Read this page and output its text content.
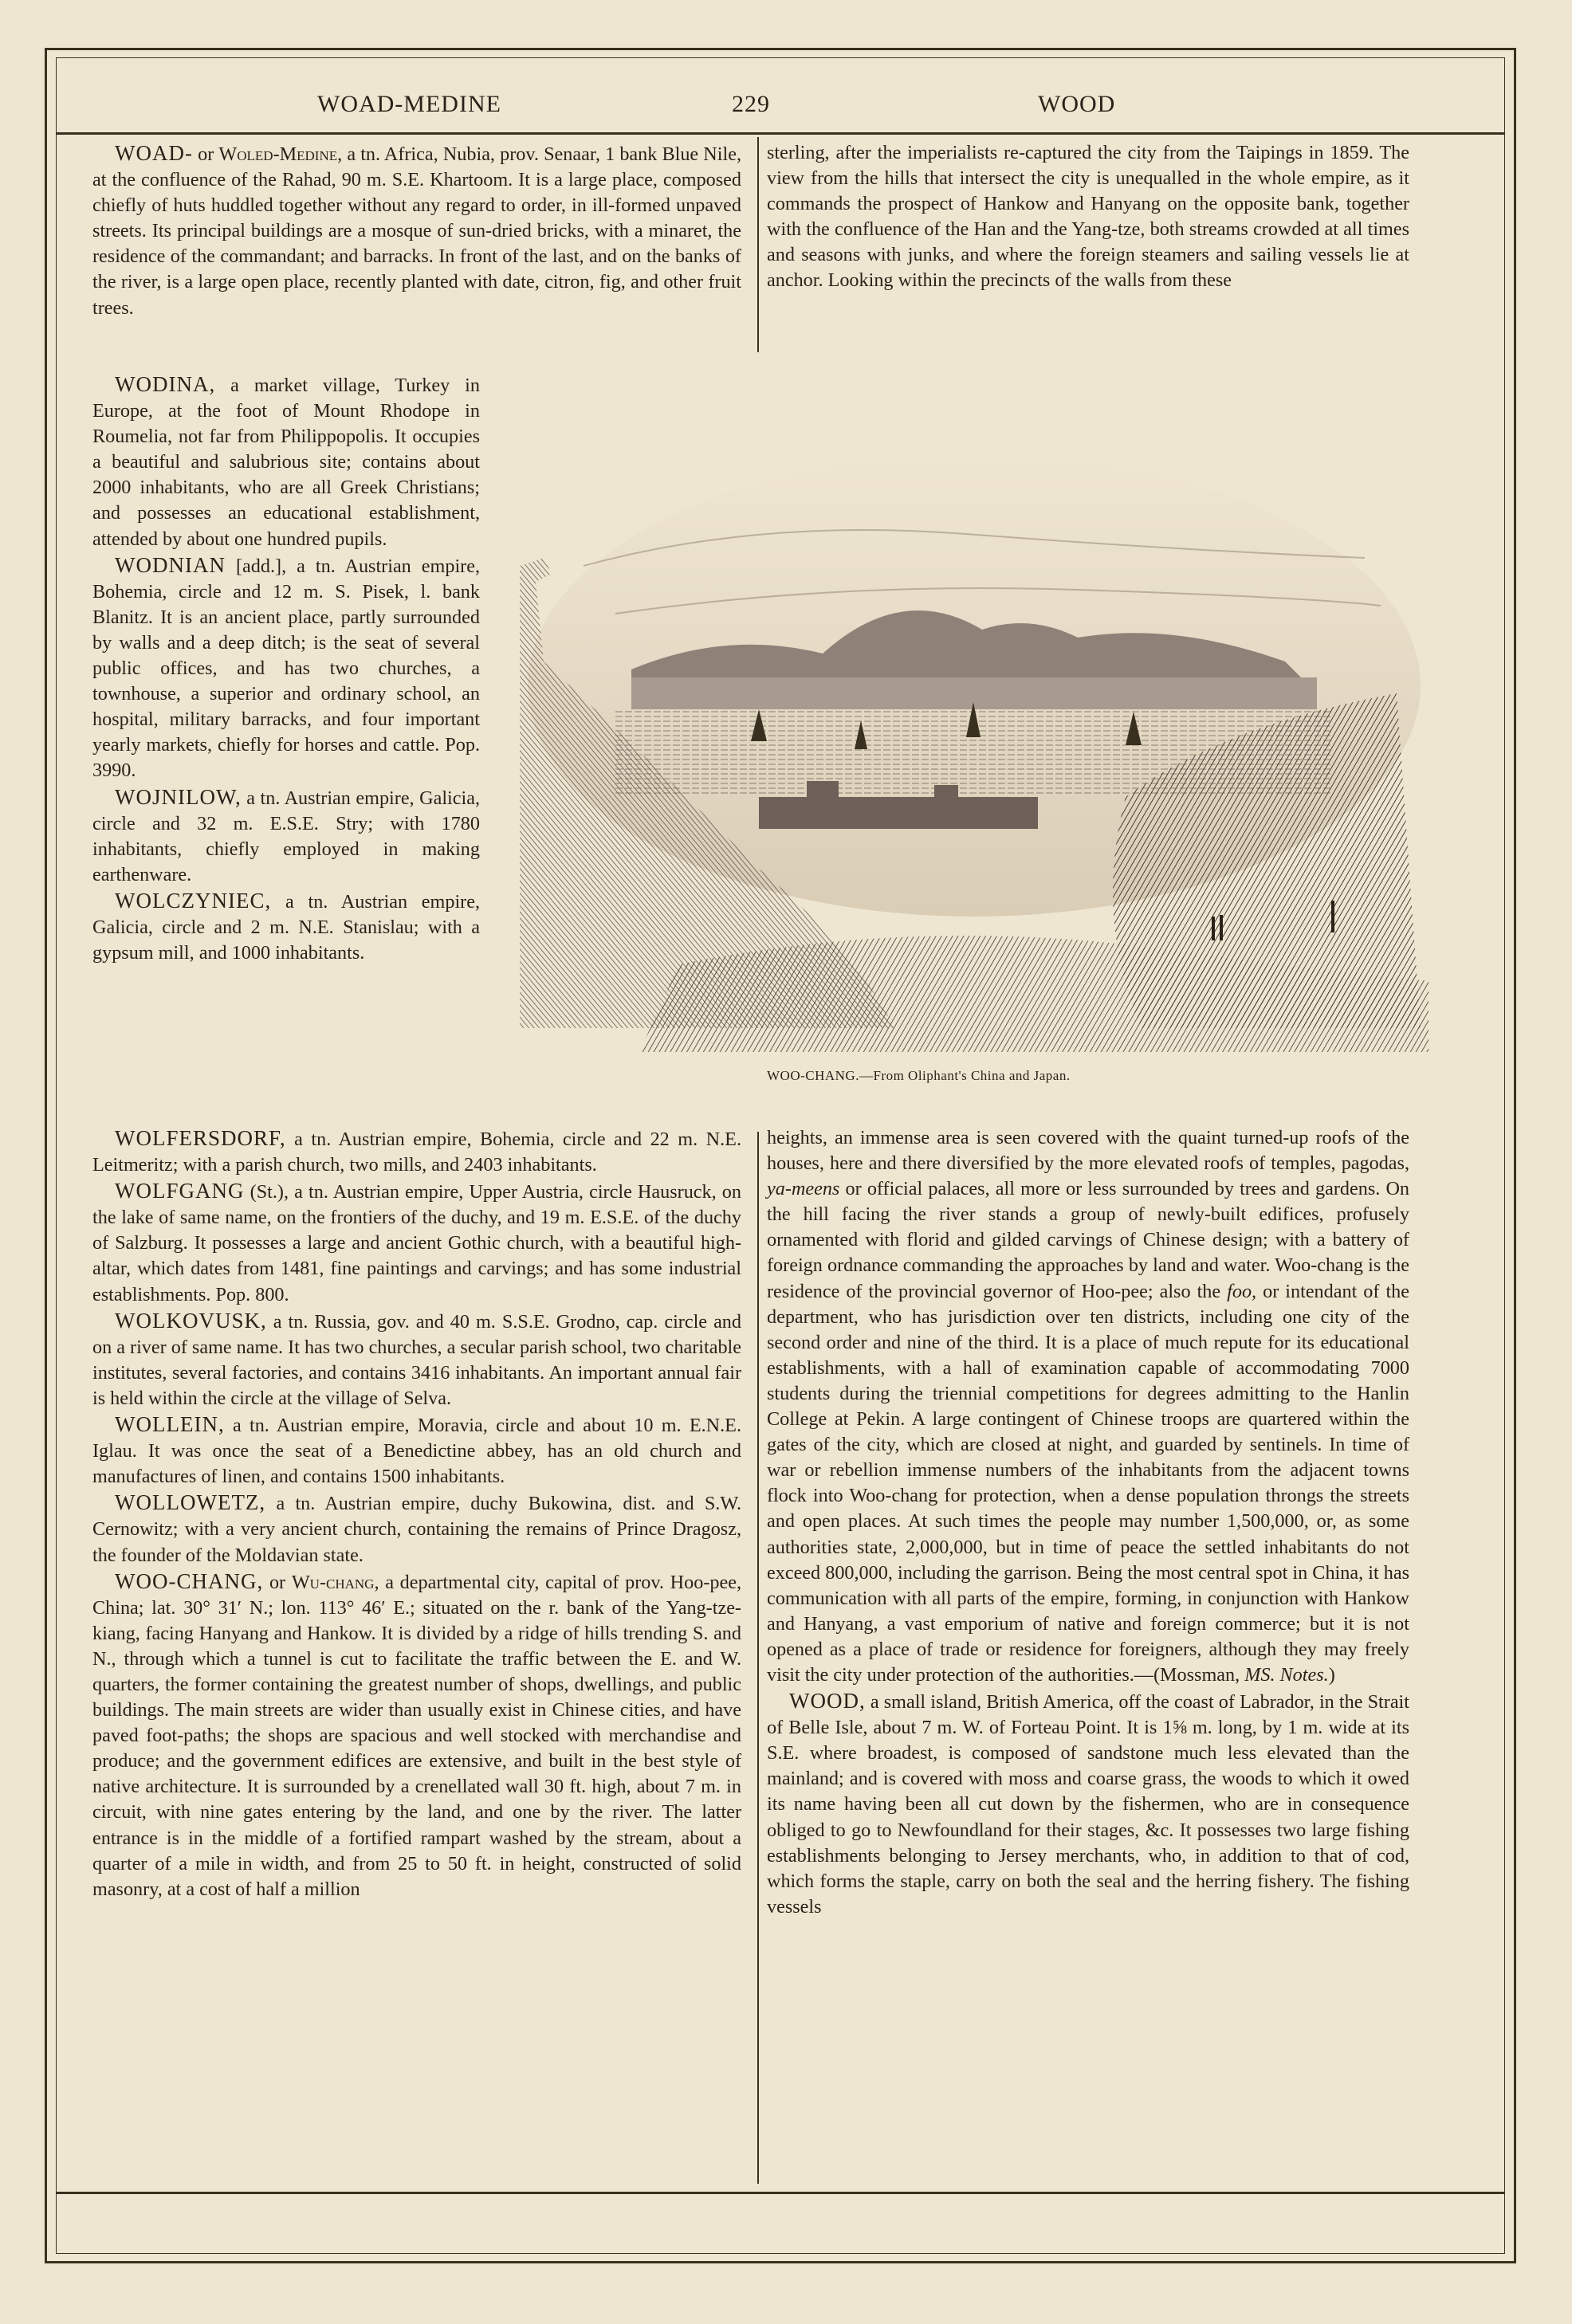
WOAD-MEDINE	229	WOOD

WOAD- or Woled-Medine, a tn. Africa, Nubia, prov. Senaar, 1 bank Blue Nile, at the confluence of the Rahad, 90 m. S.E. Khartoom. It is a large place, composed chiefly of huts huddled together without any regard to order, in ill-formed unpaved streets. Its principal buildings are a mosque of sun-dried bricks, with a minaret, the residence of the commandant; and barracks. In front of the last, and on the banks of the river, is a large open place, recently planted with date, citron, fig, and other fruit trees.

WODINA, a market village, Turkey in Europe, at the foot of Mount Rhodope in Roumelia, not far from Philippopolis. It occupies a beautiful and salubrious site; contains about 2000 inhabitants, who are all Greek Christians; and possesses an educational establishment, attended by about one hundred pupils.

WODNIAN [add.], a tn. Austrian empire, Bohemia, circle and 12 m. S. Pisek, l. bank Blanitz. It is an ancient place, partly surrounded by walls and a deep ditch; is the seat of several public offices, and has two churches, a townhouse, a superior and ordinary school, an hospital, military barracks, and four important yearly markets, chiefly for horses and cattle. Pop. 3990.

WOJNILOW, a tn. Austrian empire, Galicia, circle and 32 m. E.S.E. Stry; with 1780 inhabitants, chiefly employed in making earthenware.

WOLCZYNIEC, a tn. Austrian empire, Galicia, circle and 2 m. N.E. Stanislau; with a gypsum mill, and 1000 inhabitants.

WOLFERSDORF, a tn. Austrian empire, Bohemia, circle and 22 m. N.E. Leitmeritz; with a parish church, two mills, and 2403 inhabitants.

WOLFGANG (St.), a tn. Austrian empire, Upper Austria, circle Hausruck, on the lake of same name, on the frontiers of the duchy, and 19 m. E.S.E. of the duchy of Salzburg. It possesses a large and ancient Gothic church, with a beautiful high-altar, which dates from 1481, fine paintings and carvings; and has some industrial establishments. Pop. 800.

WOLKOVUSK, a tn. Russia, gov. and 40 m. S.S.E. Grodno, cap. circle and on a river of same name. It has two churches, a secular parish school, two charitable institutes, several factories, and contains 3416 inhabitants. An important annual fair is held within the circle at the village of Selva.

WOLLEIN, a tn. Austrian empire, Moravia, circle and about 10 m. E.N.E. Iglau. It was once the seat of a Benedictine abbey, has an old church and manufactures of linen, and contains 1500 inhabitants.

WOLLOWETZ, a tn. Austrian empire, duchy Bukowina, dist. and S.W. Cernowitz; with a very ancient church, containing the remains of Prince Dragosz, the founder of the Moldavian state.

WOO-CHANG, or Wu-chang, a departmental city, capital of prov. Hoo-pee, China; lat. 30° 31′ N.; lon. 113° 46′ E.; situated on the r. bank of the Yang-tze-kiang, facing Hanyang and Hankow. It is divided by a ridge of hills trending S. and N., through which a tunnel is cut to facilitate the traffic between the E. and W. quarters, the former containing the greatest number of shops, dwellings, and public buildings. The main streets are wider than usually exist in Chinese cities, and have paved foot-paths; the shops are spacious and well stocked with merchandise and produce; and the government edifices are extensive, and built in the best style of native architecture. It is surrounded by a crenellated wall 30 ft. high, about 7 m. in circuit, with nine gates entering by the land, and one by the river. The latter entrance is in the middle of a fortified rampart washed by the stream, about a quarter of a mile in width, and from 25 to 50 ft. in height, constructed of solid masonry, at a cost of half a million

sterling, after the imperialists re-captured the city from the Taipings in 1859. The view from the hills that intersect the city is unequalled in the whole empire, as it commands the prospect of Hankow and Hanyang on the opposite bank, together with the confluence of the Han and the Yang-tze, both streams crowded at all times and seasons with junks, and where the foreign steamers and sailing vessels lie at anchor. Looking within the precincts of the walls from these

WOO-CHANG.—From Oliphant's China and Japan.

heights, an immense area is seen covered with the quaint turned-up roofs of the houses, here and there diversified by the more elevated roofs of temples, pagodas, ya-meens or official palaces, all more or less surrounded by trees and gardens. On the hill facing the river stands a group of newly-built edifices, profusely ornamented with florid and gilded carvings of Chinese design; with a battery of foreign ordnance commanding the approaches by land and water. Woo-chang is the residence of the provincial governor of Hoo-pee; also the foo, or intendant of the department, who has jurisdiction over ten districts, including one city of the second order and nine of the third. It is a place of much repute for its educational establishments, with a hall of examination capable of accommodating 7000 students during the triennial competitions for degrees admitting to the Hanlin College at Pekin. A large contingent of Chinese troops are quartered within the gates of the city, which are closed at night, and guarded by sentinels. In time of war or rebellion immense numbers of the inhabitants from the adjacent towns flock into Woo-chang for protection, when a dense population throngs the streets and open places. At such times the people may number 1,500,000, or, as some authorities state, 2,000,000, but in time of peace the settled inhabitants do not exceed 800,000, including the garrison. Being the most central spot in China, it has communication with all parts of the empire, forming, in conjunction with Hankow and Hanyang, a vast emporium of native and foreign commerce; but it is not opened as a place of trade or residence for foreigners, although they may freely visit the city under protection of the authorities.—(Mossman, MS. Notes.)

WOOD, a small island, British America, off the coast of Labrador, in the Strait of Belle Isle, about 7 m. W. of Forteau Point. It is 1⅝ m. long, by 1 m. wide at its S.E. where broadest, is composed of sandstone much less elevated than the mainland; and is covered with moss and coarse grass, the woods to which it owed its name having been all cut down by the fishermen, who are in consequence obliged to go to Newfoundland for their stages, &c. It possesses two large fishing establishments belonging to Jersey merchants, who, in addition to that of cod, which forms the staple, carry on both the seal and the herring fishery. The fishing vessels
